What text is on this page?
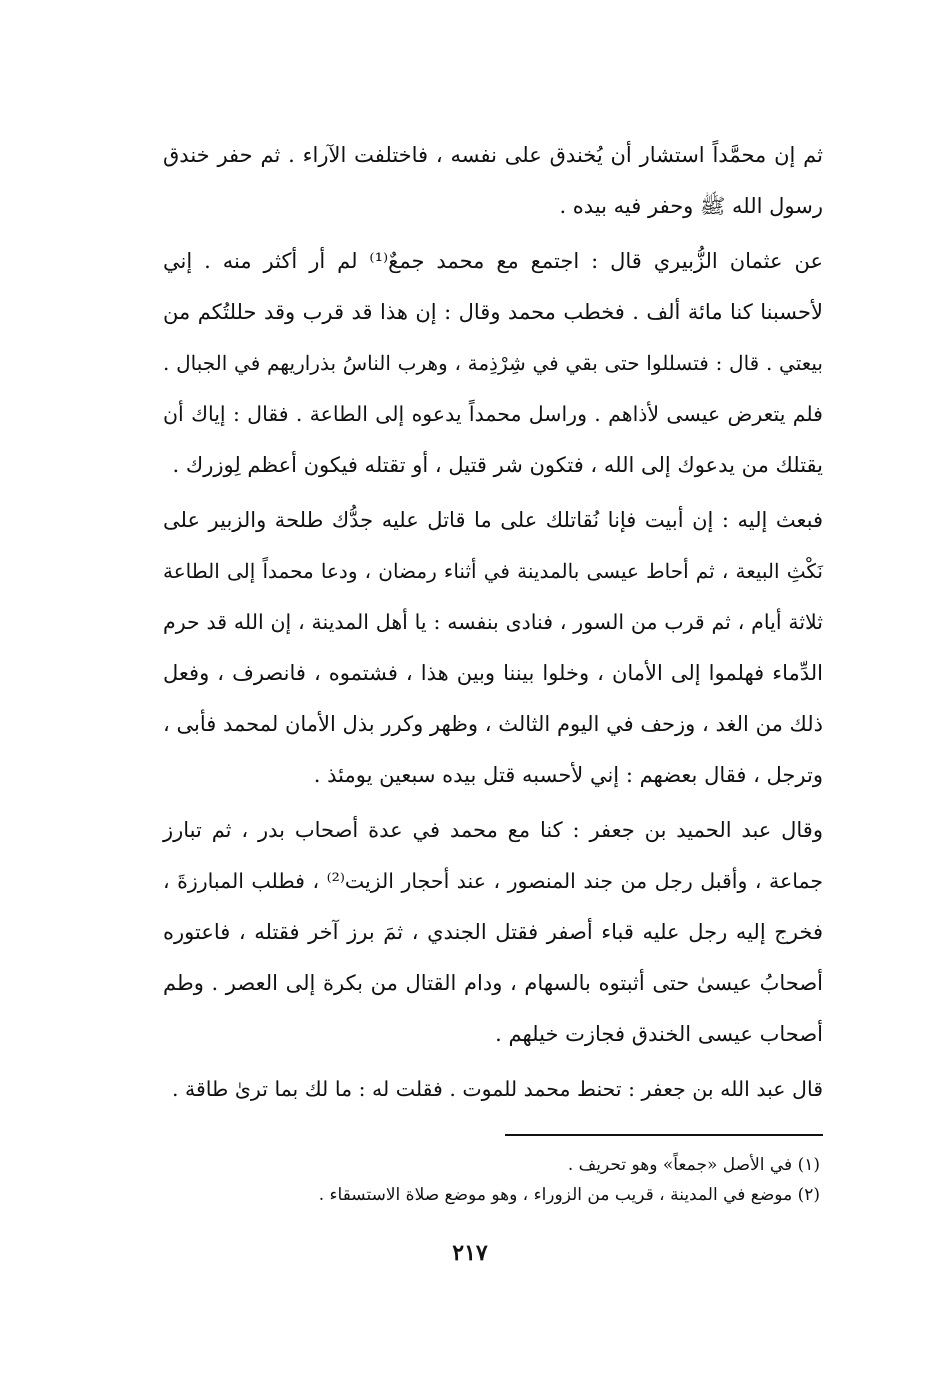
ثم إن محمَّداً استشار أن يُخندق على نفسه ، فاختلفت الآراء . ثم حفر خندق
رسول الله ﷺ وحفر فيه بيده .
عن عثمان الزُّبيري قال : اجتمع مع محمد جمعٌ⁽¹⁾ لم أر أكثر منه . إني
لأحسبنا كنا مائة ألف . فخطب محمد وقال : إن هذا قد قرب وقد حللتُكم من
بيعتي . قال : فتسللوا حتى بقي في شِرْذِمة ، وهرب الناسُ بذراريهم في الجبال .
فلم يتعرض عيسى لأذاهم . وراسل محمداً يدعوه إلى الطاعة . فقال : إياك أن
يقتلك من يدعوك إلى الله ، فتكون شر قتيل ، أو تقتله فيكون أعظم لِوزرك .
فبعث إليه : إن أبيت فإنا نُقاتلك على ما قاتل عليه جدُّك طلحة والزبير على
نَكْثِ البيعة ، ثم أحاط عيسى بالمدينة في أثناء رمضان ، ودعا محمداً إلى الطاعة
ثلاثة أيام ، ثم قرب من السور ، فنادى بنفسه : يا أهل المدينة ، إن الله قد حرم
الدِّماء فهلموا إلى الأمان ، وخلوا بيننا وبين هذا ، فشتموه ، فانصرف ، وفعل
ذلك من الغد ، وزحف في اليوم الثالث ، وظهر وكرر بذل الأمان لمحمد فأبى ،
وترجل ، فقال بعضهم : إني لأحسبه قتل بيده سبعين يومئذ .
وقال عبد الحميد بن جعفر : كنا مع محمد في عدة أصحاب بدر ، ثم تبارز
جماعة ، وأقبل رجل من جند المنصور ، عند أحجار الزيت⁽²⁾ ، فطلب المبارزةَ ،
فخرج إليه رجل عليه قباء أصفر فقتل الجندي ، ثمَ برز آخر فقتله ، فاعتوره
أصحابُ عيسىٰ حتى أثبتوه بالسهام ، ودام القتال من بكرة إلى العصر . وطم
أصحاب عيسى الخندق فجازت خيلهم .
قال عبد الله بن جعفر : تحنط محمد للموت . فقلت له : ما لك بما ترىٰ طاقة .
(١) في الأصل «جمعاً» وهو تحريف .
(٢) موضع في المدينة ، قريب من الزوراء ، وهو موضع صلاة الاستسقاء .
٢١٧
